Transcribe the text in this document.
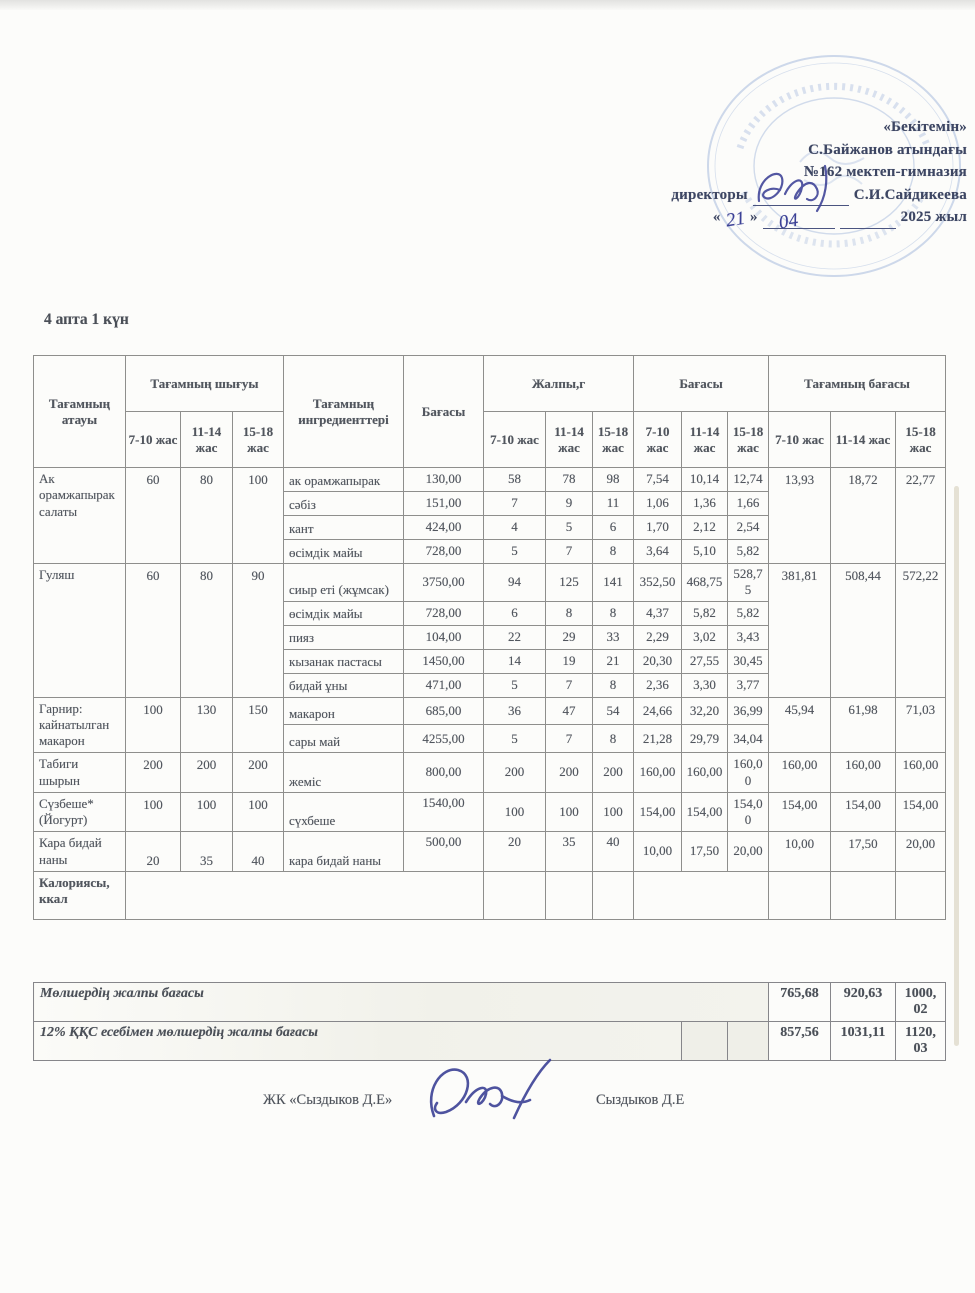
«Бекітемін»
С.Байжанов атындағы
№162 мектеп-гимназия
директоры	С.И.Сайдикеева
« 21 » 04	2025 жыл
4 апта 1 күн
Тағамның атауы	Тағамның шығуы			Тағамның ингредиенттері	Бағасы	Жалпы,г			Бағасы			Тағамның бағасы		
	7-10 жас	11-14 жас	15-18 жас			7-10 жас	11-14 жас	15-18 жас	7-10 жас	11-14 жас	15-18 жас	7-10 жас	11-14 жас	15-18 жас
Ак орамжапырак салаты	60	80	100	ак орамжапырак	130,00	58	78	98	7,54	10,14	12,74	13,93	18,72	22,77
				сәбіз	151,00	7	9	11	1,06	1,36	1,66			
				кант	424,00	4	5	6	1,70	2,12	2,54			
				өсімдік майы	728,00	5	7	8	3,64	5,10	5,82			
Гуляш	60	80	90	сиыр еті (жұмсак)	3750,00	94	125	141	352,50	468,75	528,75	381,81	508,44	572,22
				өсімдік майы	728,00	6	8	8	4,37	5,82	5,82			
				пияз	104,00	22	29	33	2,29	3,02	3,43			
				кызанак пастасы	1450,00	14	19	21	20,30	27,55	30,45			
				бидай ұны	471,00	5	7	8	2,36	3,30	3,77			
Гарнир: кайнатылган макарон	100	130	150	макарон	685,00	36	47	54	24,66	32,20	36,99	45,94	61,98	71,03
				сары май	4255,00	5	7	8	21,28	29,79	34,04			
Табиги шырын	200	200	200	жеміс	800,00	200	200	200	160,00	160,00	160,00	160,00	160,00	160,00
Сүзбеше* (Йогурт)	100	100	100	сүхбеше	1540,00	100	100	100	154,00	154,00	154,00	154,00	154,00	154,00
Кара бидай наны	20	35	40	кара бидай наны	500,00	20	35	40	10,00	17,50	20,00	10,00	17,50	20,00
Калориясы, ккал														
Мөлшердің жалпы бағасы			765,68	920,63	1000,02
12% ҚҚС есебімен мөлшердің жалпы бағасы			857,56	1031,11	1120,03
ЖК «Сыздыков Д.Е»	Сыздыков Д.Е
